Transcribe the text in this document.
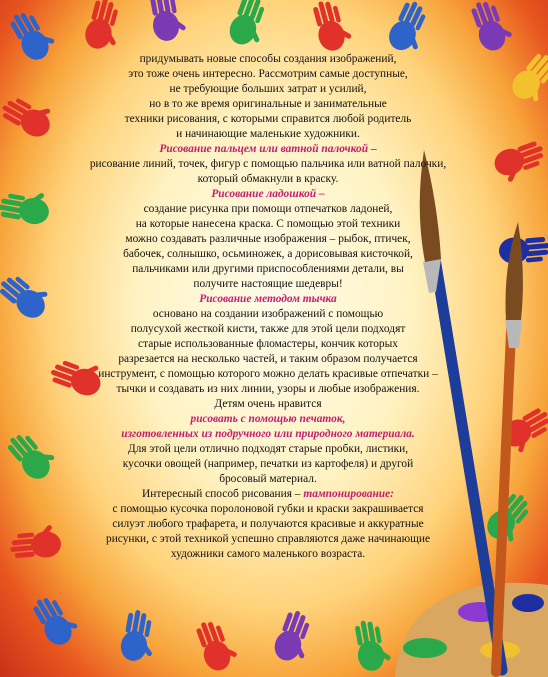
придумывать новые способы создания изображений,
это тоже очень интересно. Рассмотрим самые доступные,
не требующие больших затрат и усилий,
но в то же время оригинальные и занимательные
техники рисования, с которыми справится любой родитель
и начинающие маленькие художники.
Рисование пальцем или ватной палочкой –
рисование линий, точек, фигур с помощью пальчика или ватной палочки,
который обмакнули в краску.
Рисование ладошкой –
создание рисунка при помощи отпечатков ладоней,
на которые нанесена краска. С помощью этой техники
можно создавать различные изображения – рыбок, птичек,
бабочек, солнышко, осьминожек, а дорисовывая кисточкой,
пальчиками или другими приспособлениями детали, вы
получите настоящие шедевры!
Рисование методом тычка
основано на создании изображений с помощью
полусухой жесткой кисти, также для этой цели подходят
старые использованные фломастеры, кончик которых
разрезается на несколько частей, и таким образом получается
инструмент, с помощью которого можно делать красивые отпечатки –
тычки и создавать из них линии, узоры и любые изображения.
Детям очень нравится
рисовать с помощью печаток,
изготовленных из подручного или природного материала.
Для этой цели отлично подходят старые пробки, листики,
кусочки овощей (например, печатки из картофеля) и другой
бросовый материал.
Интересный способ рисования – тампонирование:
с помощью кусочка поролоновой губки и краски закрашивается
силуэт любого трафарета, и получаются красивые и аккуратные
рисунки, с этой техникой успешно справляются даже начинающие
художники самого маленького возраста.
